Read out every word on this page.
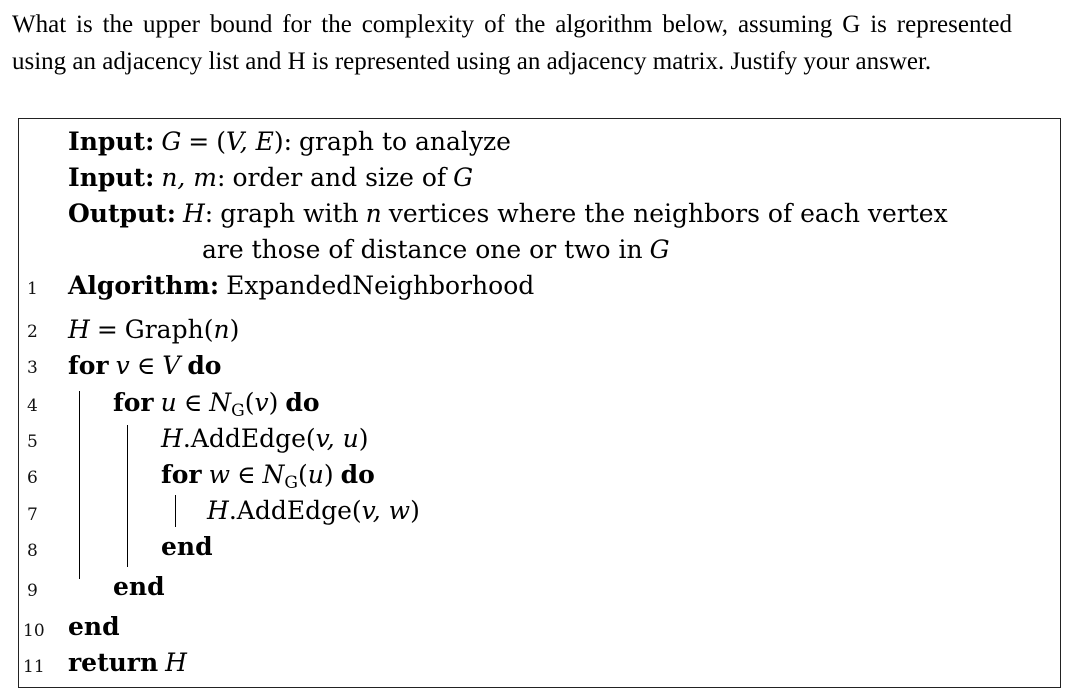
What is the upper bound for the complexity of the algorithm below, assuming G is represented using an adjacency list and H is represented using an adjacency matrix. Justify your answer.
Input: G = (V, E): graph to analyze
Input: n, m: order and size of G
Output: H: graph with n vertices where the neighbors of each vertex
are those of distance one or two in G
1 Algorithm: ExpandedNeighborhood
2 H = Graph(n)
3 for v ∈ V do
4	for u ∈ $N_G(v)$ do
5	H.AddEdge(v, u)
6	for w ∈ $N_G(u)$ do
7	H.AddEdge(v, w)
8	end
9	end
10 end
11 return H
